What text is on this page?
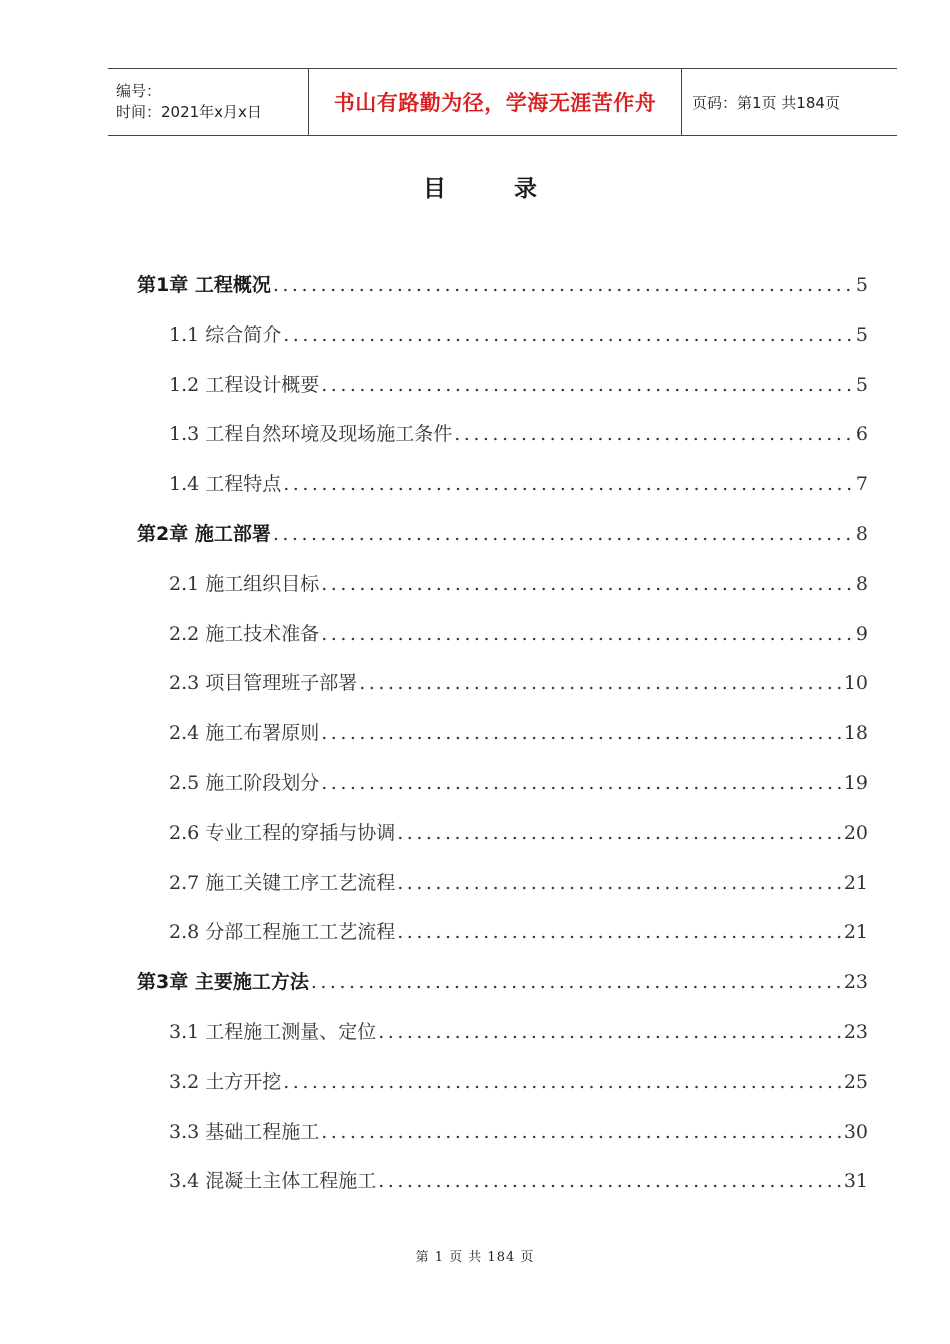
编号：
时间：2021年x月x日	书山有路勤为径，学海无涯苦作舟 页码：第1页 共184页
目 录
第1章 工程概况 .....	5
1.1 综合简介 .....	5
1.2 工程设计概要 .....	5
1.3 工程自然环境及现场施工条件 .....	6
1.4 工程特点 .....	7
第2章 施工部署 .....	8
2.1 施工组织目标 .....	8
2.2 施工技术准备 .....	9
2.3 项目管理班子部署 .....	10
2.4 施工布署原则 .....	18
2.5 施工阶段划分 .....	19
2.6 专业工程的穿插与协调 .....	20
2.7 施工关键工序工艺流程 .....	21
2.8 分部工程施工工艺流程 .....	21
第3章 主要施工方法 .....	23
3.1 工程施工测量、定位 .....	23
3.2 土方开挖 .....	25
3.3 基础工程施工 .....	30
3.4 混凝土主体工程施工 .....	31
第 1 页 共 184 页
